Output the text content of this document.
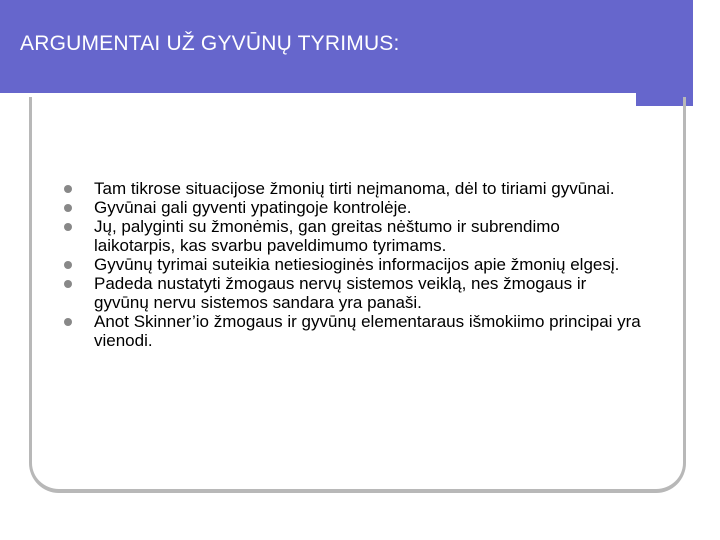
ARGUMENTAI UŽ GYVŪNŲ TYRIMUS:
Tam tikrose situacijose žmonių tirti neįmanoma, dėl to tiriami gyvūnai.
Gyvūnai gali gyventi ypatingoje kontrolėje.
Jų, palyginti su žmonėmis, gan greitas nėštumo ir subrendimo laikotarpis, kas svarbu paveldimumo tyrimams.
Gyvūnų tyrimai suteikia netiesioginės informacijos apie žmonių elgesį.
Padeda nustatyti žmogaus nervų sistemos veiklą, nes žmogaus ir gyvūnų nervu sistemos sandara yra panaši.
Anot Skinner’io žmogaus ir gyvūnų elementaraus išmokiimo principai yra vienodi.
